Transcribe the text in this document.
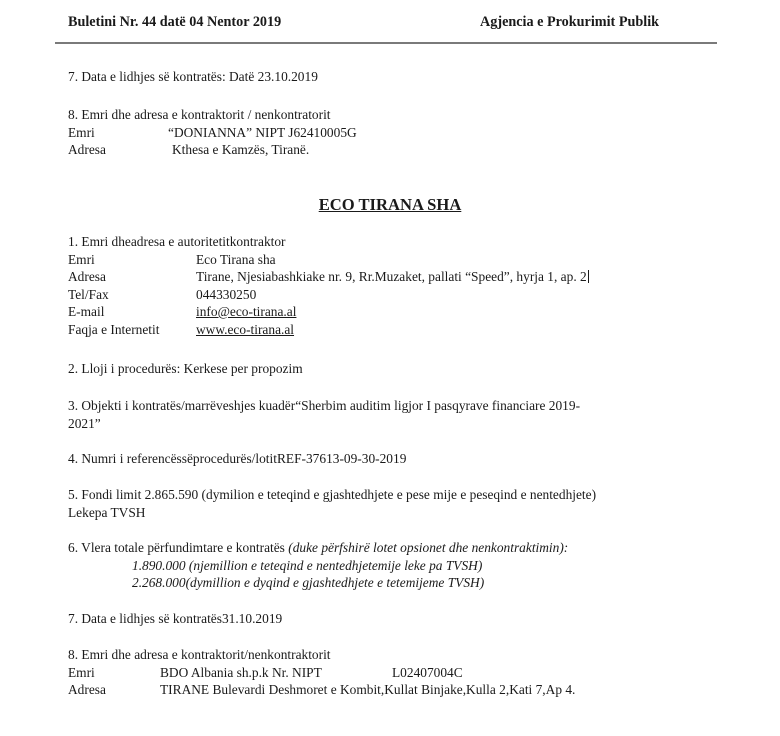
Buletini Nr. 44 datë 04 Nentor 2019	Agjencia e Prokurimit Publik
7. Data e lidhjes së kontratës: Datë 23.10.2019
8. Emri dhe adresa e kontraktorit / nenkontratorit
Emri	“DONIANNA” NIPT J62410005G
Adresa	Kthesa e Kamzës, Tiranë.
ECO TIRANA SHA
1. Emri dheadresa e autoritetitkontraktor
Emri	Eco Tirana sha
Adresa	Tirane, Njesiabashkiake nr. 9, Rr.Muzaket, pallati “Speed”, hyrja 1, ap. 2
Tel/Fax	044330250
E-mail	info@eco-tirana.al
Faqja e Internetit	www.eco-tirana.al
2. Lloji i procedurës: Kerkese per propozim
3. Objekti i kontratës/marrëveshjes kuadër“Sherbim auditim ligjor I pasqyrave financiare 2019-
2021”
4. Numri i referencëssëprocedurës/lotitREF-37613-09-30-2019
5. Fondi limit 2.865.590 (dymilion e teteqind e gjashtedhjete e pese mije e peseqind e nentedhjete)
Lekepa TVSH
6. Vlera totale përfundimtare e kontratës (duke përfshirë lotet opsionet dhe nenkontraktimin):
1.890.000 (njemillion e teteqind e nentedhjetemije leke pa TVSH)
2.268.000(dymillion e dyqind e gjashtedhjete e tetemijeme TVSH)
7. Data e lidhjes së kontratës31.10.2019
8. Emri dhe adresa e kontraktorit/nenkontraktorit
Emri	BDO Albania sh.p.k Nr. NIPT	L02407004C
Adresa	TIRANE Bulevardi Deshmoret e Kombit,Kullat Binjake,Kulla 2,Kati 7,Ap 4.
